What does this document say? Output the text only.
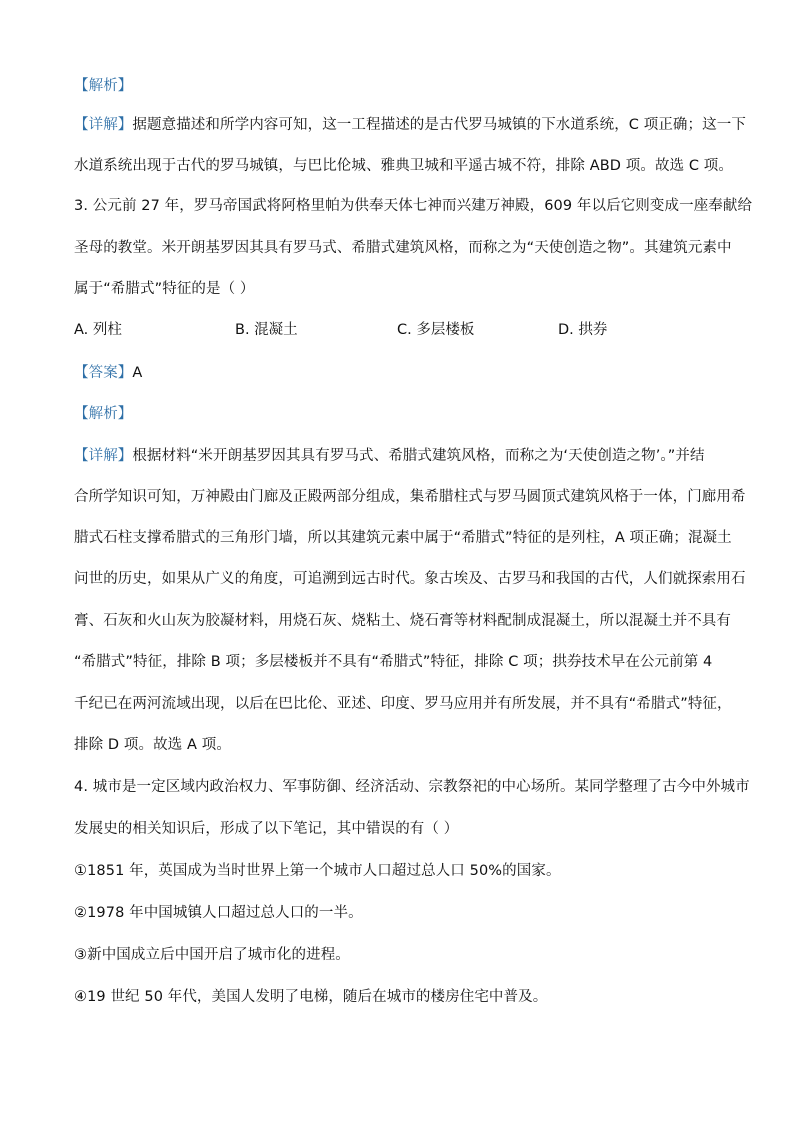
【解析】
【详解】据题意描述和所学内容可知，这一工程描述的是古代罗马城镇的下水道系统，C 项正确；这一下
水道系统出现于古代的罗马城镇，与巴比伦城、雅典卫城和平遥古城不符，排除 ABD 项。故选 C 项。
3. 公元前 27 年，罗马帝国武将阿格里帕为供奉天体七神而兴建万神殿，609 年以后它则变成一座奉献给
圣母的教堂。米开朗基罗因其具有罗马式、希腊式建筑风格，而称之为“天使创造之物”。其建筑元素中
属于“希腊式”特征的是（ ）
A. 列柱	B. 混凝土	C. 多层楼板	D. 拱券
【答案】A
【解析】
【详解】根据材料“米开朗基罗因其具有罗马式、希腊式建筑风格，而称之为‘天使创造之物’。”并结
合所学知识可知，万神殿由门廊及正殿两部分组成，集希腊柱式与罗马圆顶式建筑风格于一体，门廊用希
腊式石柱支撑希腊式的三角形门墙，所以其建筑元素中属于“希腊式”特征的是列柱，A 项正确；混凝土
问世的历史，如果从广义的角度，可追溯到远古时代。象古埃及、古罗马和我国的古代，人们就探索用石
膏、石灰和火山灰为胶凝材料，用烧石灰、烧粘土、烧石膏等材料配制成混凝土，所以混凝土并不具有
“希腊式”特征，排除 B 项；多层楼板并不具有“希腊式”特征，排除 C 项；拱券技术早在公元前第 4
千纪已在两河流域出现，以后在巴比伦、亚述、印度、罗马应用并有所发展，并不具有“希腊式”特征，
排除 D 项。故选 A 项。
4. 城市是一定区域内政治权力、军事防御、经济活动、宗教祭祀的中心场所。某同学整理了古今中外城市
发展史的相关知识后，形成了以下笔记，其中错误的有（ ）
①1851 年，英国成为当时世界上第一个城市人口超过总人口 50%的国家。
②1978 年中国城镇人口超过总人口的一半。
③新中国成立后中国开启了城市化的进程。
④19 世纪 50 年代，美国人发明了电梯，随后在城市的楼房住宅中普及。
